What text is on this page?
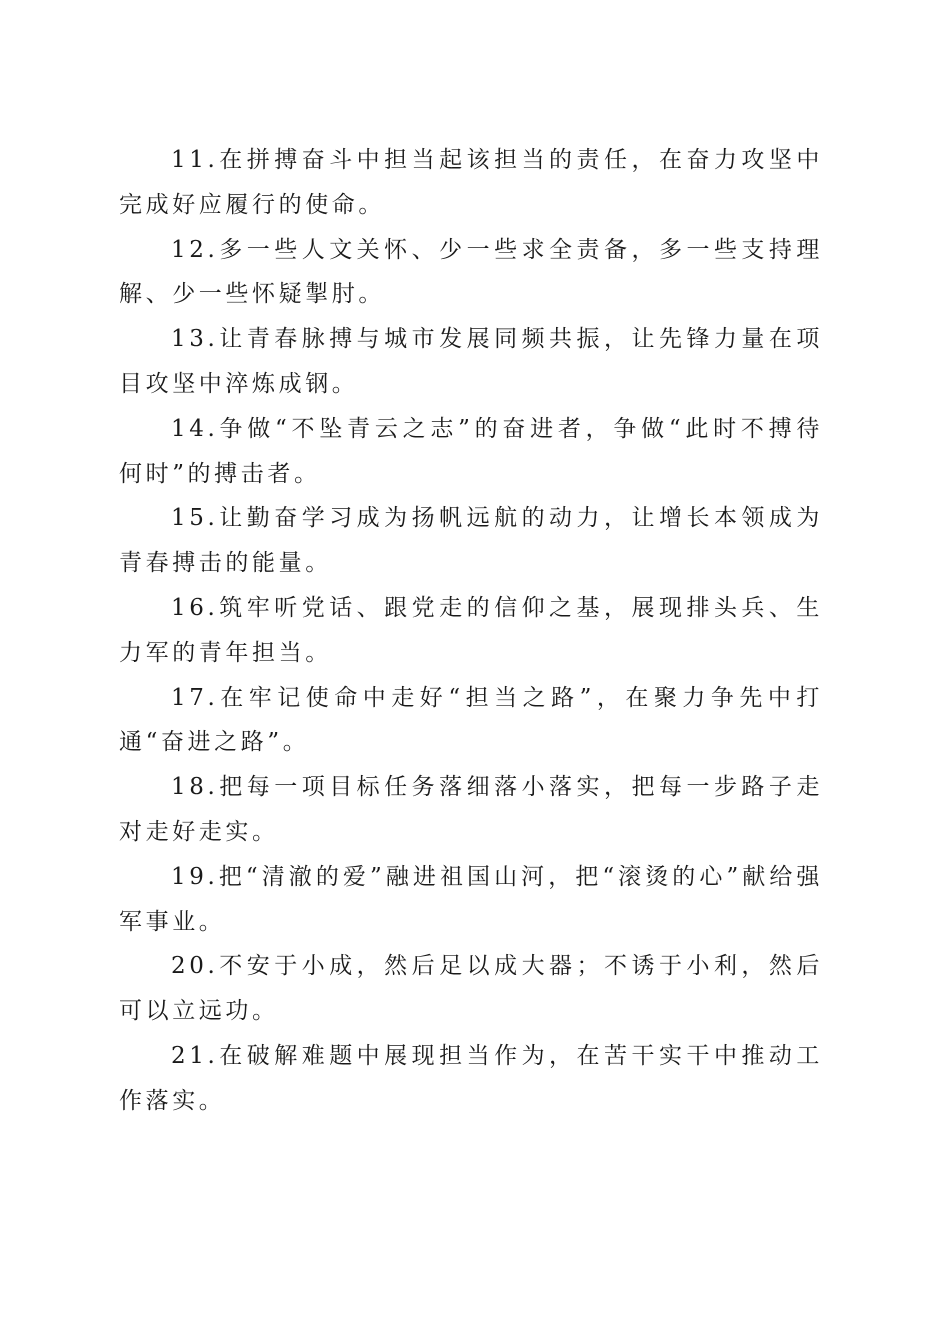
11.在拼搏奋斗中担当起该担当的责任，在奋力攻坚中完成好应履行的使命。

12.多一些人文关怀、少一些求全责备，多一些支持理解、少一些怀疑掣肘。

13.让青春脉搏与城市发展同频共振，让先锋力量在项目攻坚中淬炼成钢。

14.争做“不坠青云之志”的奋进者，争做“此时不搏待何时”的搏击者。

15.让勤奋学习成为扬帆远航的动力，让增长本领成为青春搏击的能量。

16.筑牢听党话、跟党走的信仰之基，展现排头兵、生力军的青年担当。

17.在牢记使命中走好“担当之路”，在聚力争先中打通“奋进之路”。

18.把每一项目标任务落细落小落实，把每一步路子走对走好走实。

19.把“清澈的爱”融进祖国山河，把“滚烫的心”献给强军事业。

20.不安于小成，然后足以成大器；不诱于小利，然后可以立远功。

21.在破解难题中展现担当作为，在苦干实干中推动工作落实。
